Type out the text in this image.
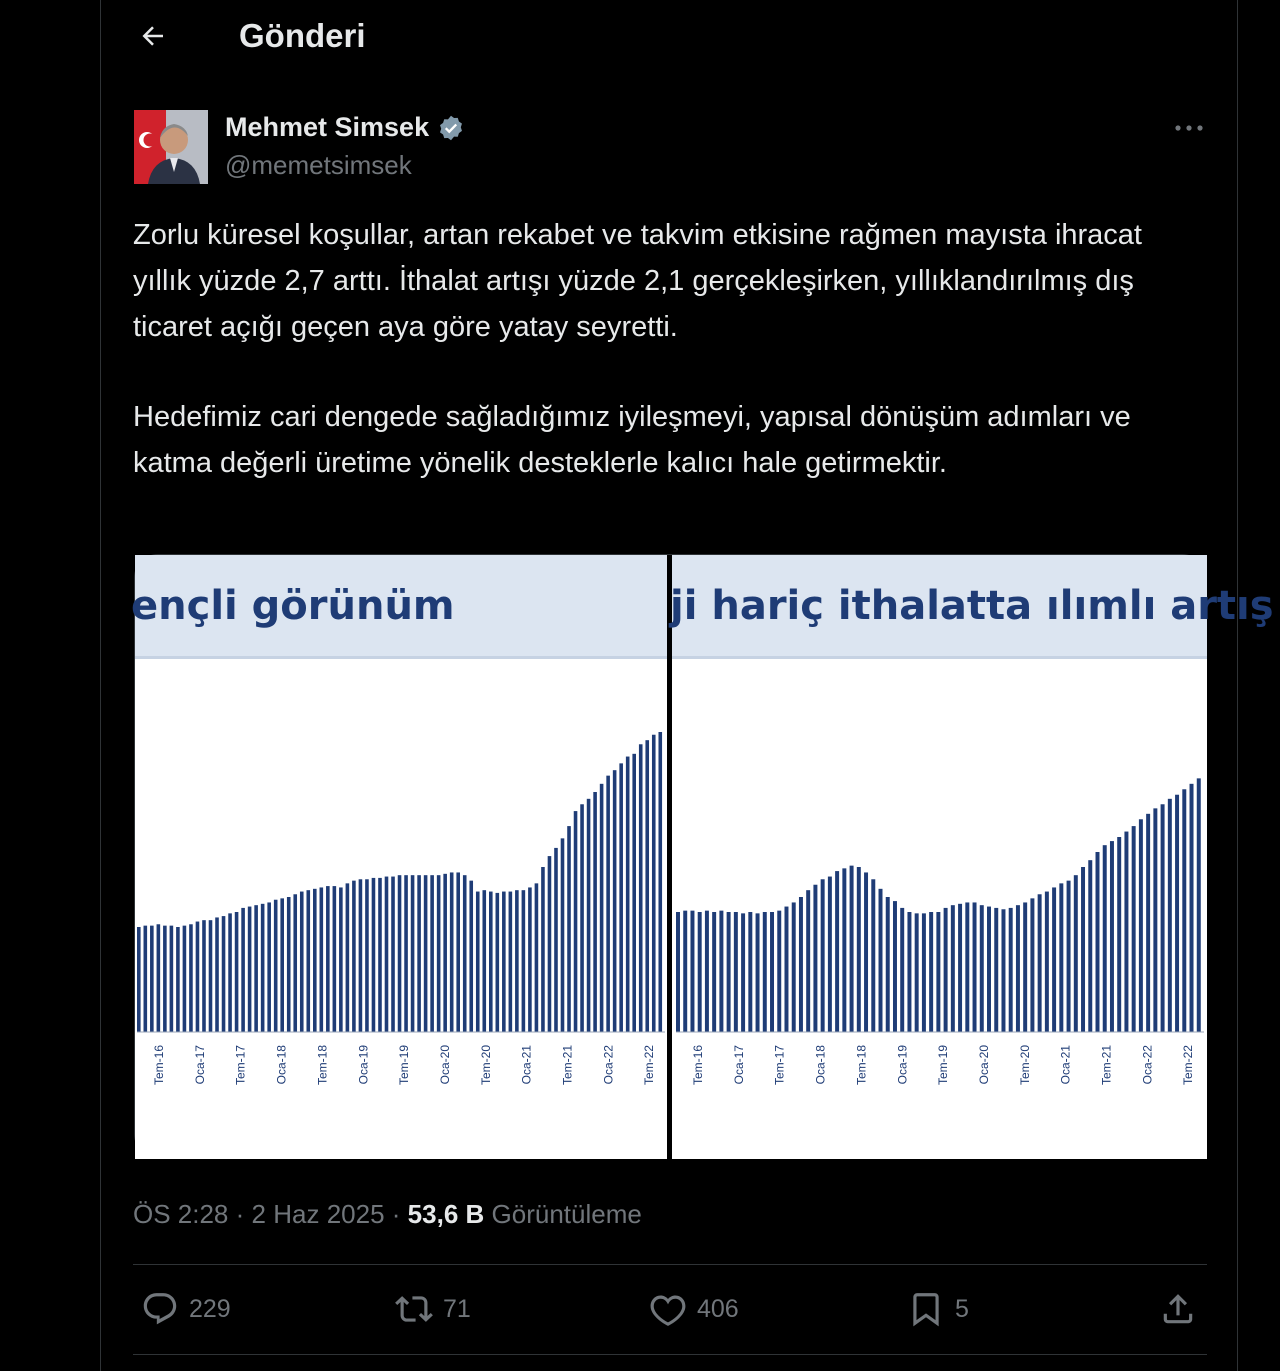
Gönderi
Mehmet Simsek
@memetsimsek

Zorlu küresel koşullar, artan rekabet ve takvim etkisine rağmen mayısta ihracat yıllık yüzde 2,7 arttı. İthalat artışı yüzde 2,1 gerçekleşirken, yıllıklandırılmış dış ticaret açığı geçen aya göre yatay seyretti.

Hedefimiz cari dengede sağladığımız iyileşmeyi, yapısal dönüşüm adımları ve katma değerli üretime yönelik desteklerle kalıcı hale getirmektir.

ençli görünüm
Tem-16 Oca-17 Tem-17 Oca-18 Tem-18 Oca-19 Tem-19 Oca-20 Tem-20 Oca-21 Tem-21 Oca-22 Tem-22
ji hariç ithalatta ılımlı artış
Tem-16 Oca-17 Tem-17 Oca-18 Tem-18 Oca-19 Tem-19 Oca-20 Tem-20 Oca-21 Tem-21 Oca-22 Tem-22
ÖS 2:28 · 2 Haz 2025 · 53,6 B Görüntüleme
229	71	406	5
